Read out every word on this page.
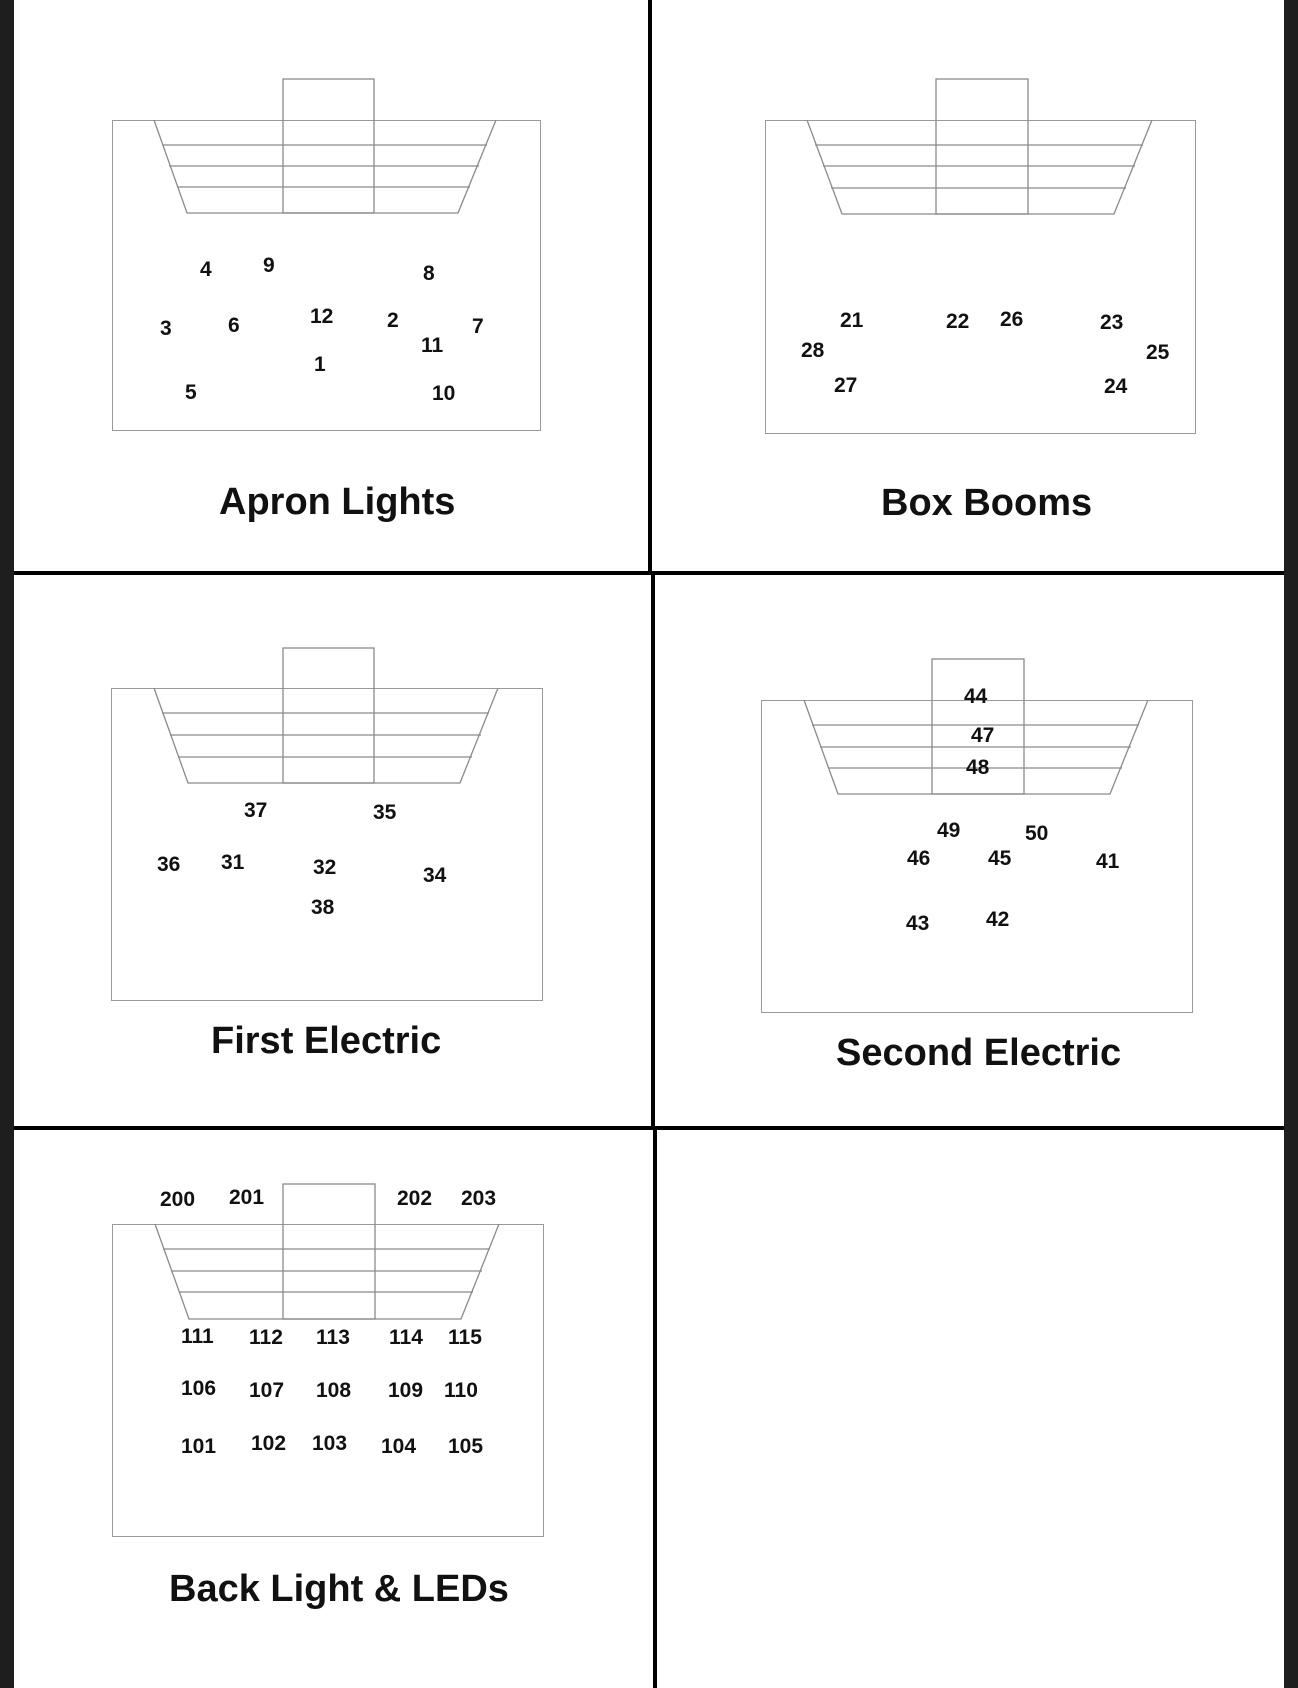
4 9	8
3	6	12	2	7
11
1
5	10
Apron Lights
21	22 26	23
28	25
27	24
Box Booms
37	35
36 31	32	34
38
First Electric
44
47
48
49	50
46	45	41
43	42
Second Electric
200 201	202 203
111 112 113 114 115
106 107 108 109 110
101 102 103 104 105
Back Light & LEDs
